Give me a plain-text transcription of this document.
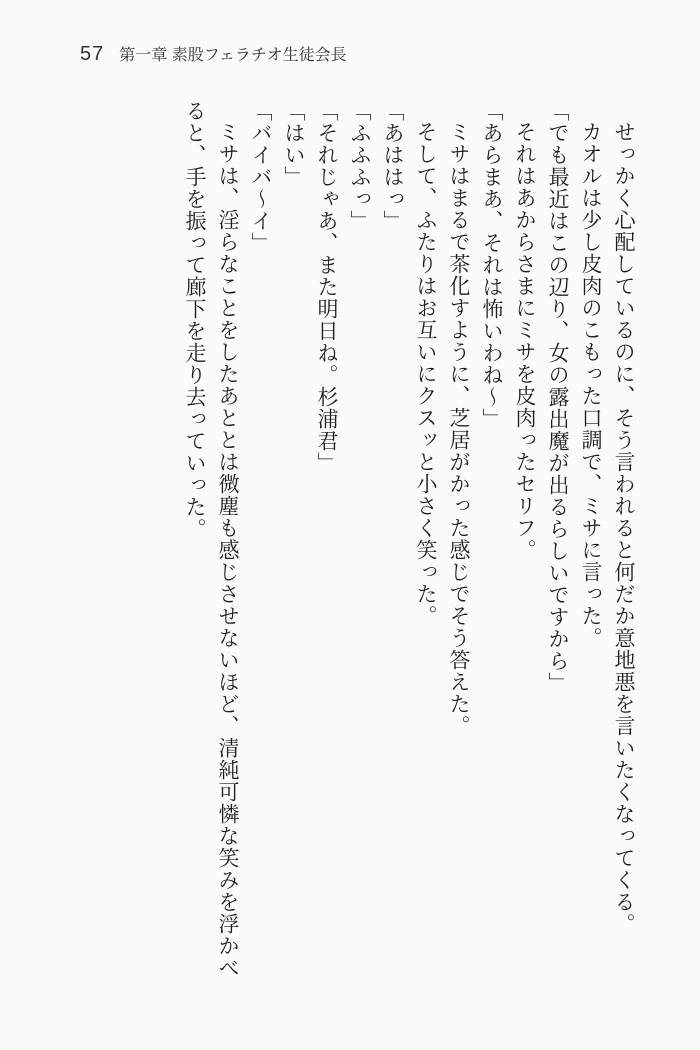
57 第一章 素股フェラチオ生徒会長

せっかく心配しているのに、そう言われると何だか意地悪を言いたくなってくる。

カオルは少し皮肉のこもった口調で、ミサに言った。

「でも最近はこの辺り、女の露出魔が出るらしいですから」

それはあからさまにミサを皮肉ったセリフ。

「あらまあ、それは怖いわね〜」

ミサはまるで茶化すように、芝居がかった感じでそう答えた。

そして、ふたりはお互いにクスッと小さく笑った。

「あははっ」

「ふふふっ」

「それじゃあ、また明日ね。杉浦君」

「はい」

「バイバ〜イ」

ミサは、淫らなことをしたあととは微塵も感じさせないほど、清純可憐な笑みを浮かべると、手を振って廊下を走り去っていった。
